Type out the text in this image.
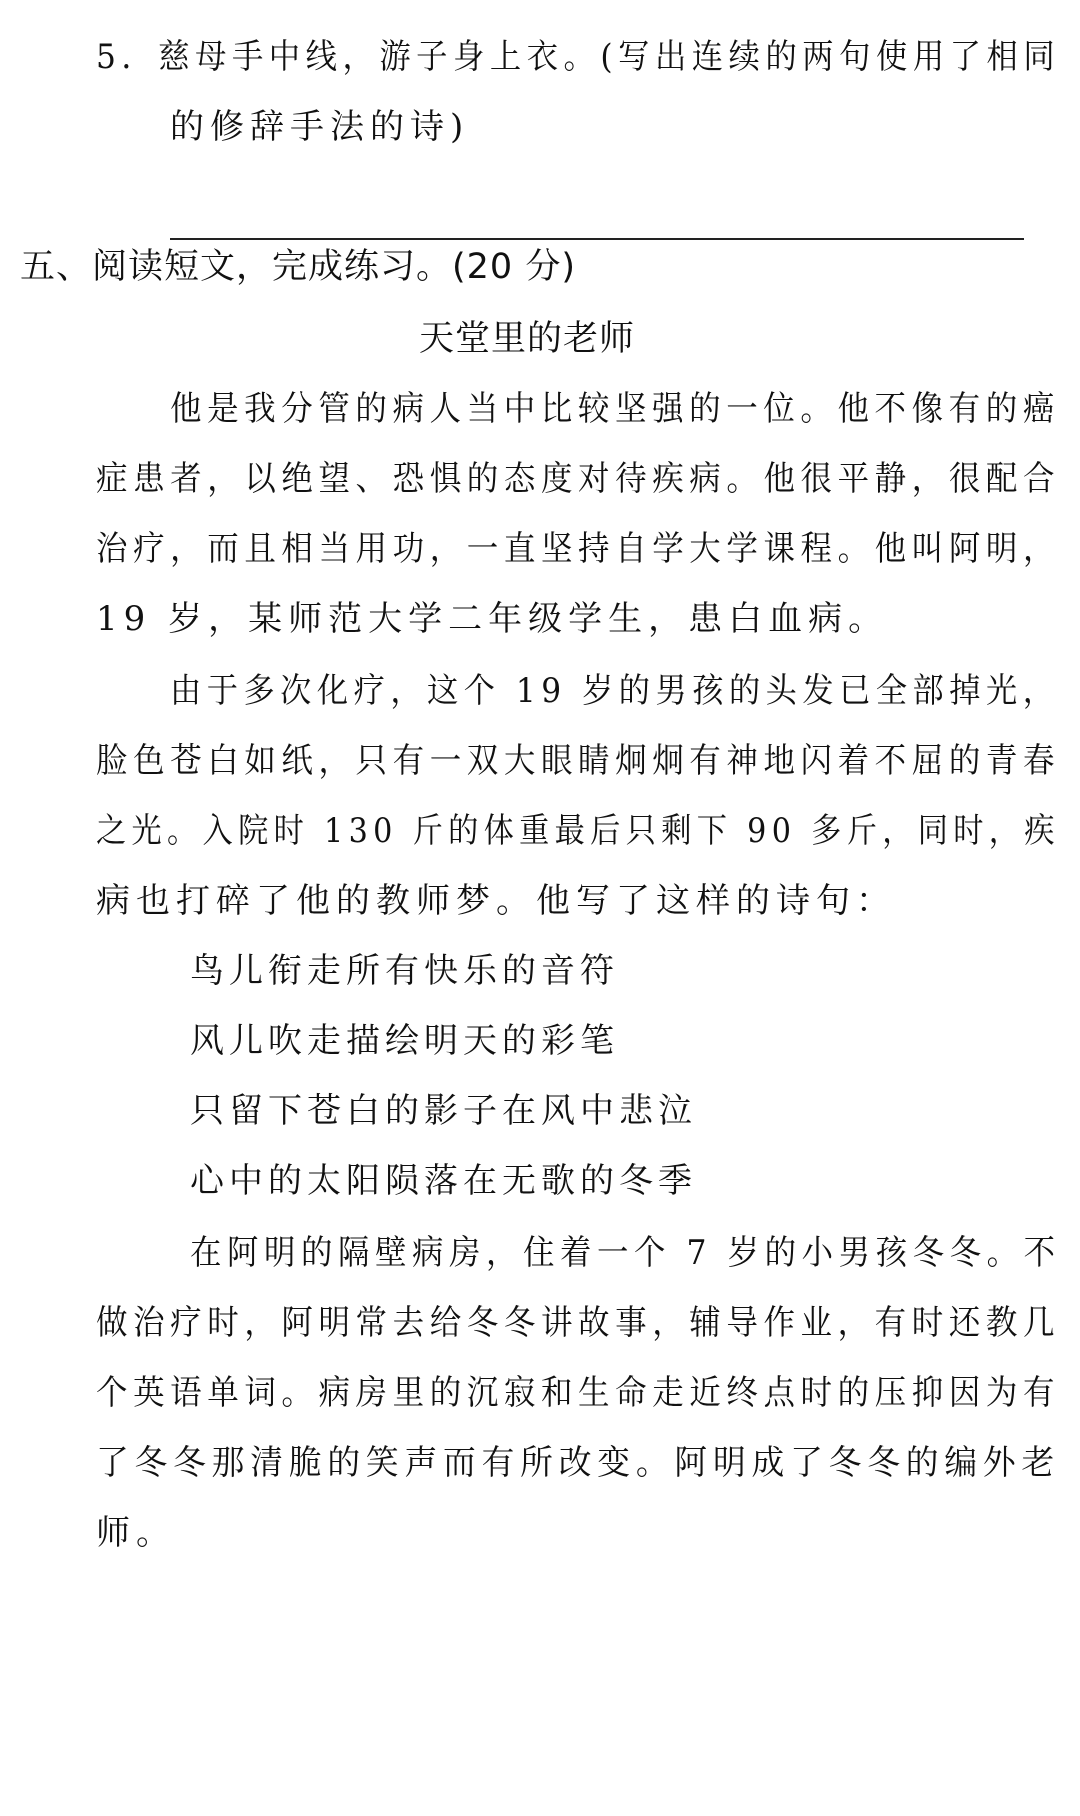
5．慈母手中线，游子身上衣。(写出连续的两句使用了相同
的修辞手法的诗)
五、阅读短文，完成练习。(20 分)
天堂里的老师
他是我分管的病人当中比较坚强的一位。他不像有的癌
症患者，以绝望、恐惧的态度对待疾病。他很平静，很配合
治疗，而且相当用功，一直坚持自学大学课程。他叫阿明，
19 岁，某师范大学二年级学生，患白血病。
由于多次化疗，这个 19 岁的男孩的头发已全部掉光，
脸色苍白如纸，只有一双大眼睛炯炯有神地闪着不屈的青春
之光。入院时 130 斤的体重最后只剩下 90 多斤，同时，疾
病也打碎了他的教师梦。他写了这样的诗句：
鸟儿衔走所有快乐的音符
风儿吹走描绘明天的彩笔
只留下苍白的影子在风中悲泣
心中的太阳陨落在无歌的冬季
在阿明的隔壁病房，住着一个 7 岁的小男孩冬冬。不
做治疗时，阿明常去给冬冬讲故事，辅导作业，有时还教几
个英语单词。病房里的沉寂和生命走近终点时的压抑因为有
了冬冬那清脆的笑声而有所改变。阿明成了冬冬的编外老
师。
